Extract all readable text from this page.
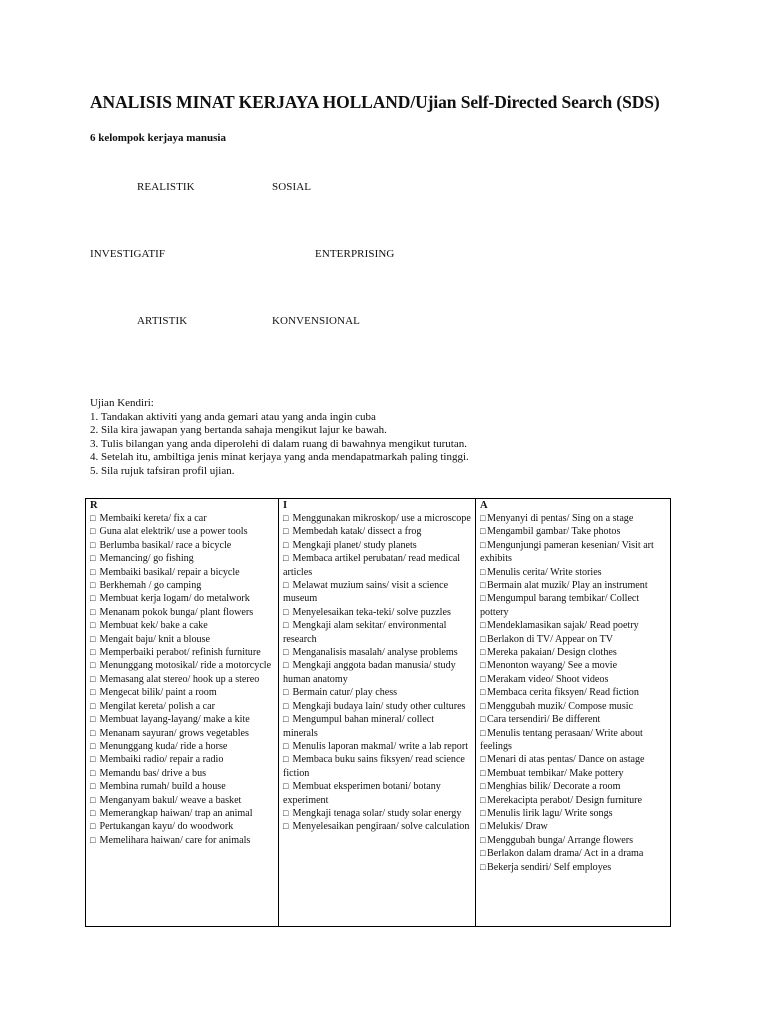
ANALISIS MINAT KERJAYA HOLLAND/Ujian Self-Directed Search (SDS)
6 kelompok kerjaya manusia
REALISTIK	SOSIAL
INVESTIGATIF	ENTERPRISING
ARTISTIK	KONVENSIONAL
Ujian Kendiri:
1. Tandakan aktiviti yang anda gemari atau yang anda ingin cuba
2. Sila kira jawapan yang bertanda sahaja mengikut lajur ke bawah.
3. Tulis bilangan yang anda diperolehi di dalam ruang di bawahnya mengikut turutan.
4. Setelah itu, ambiltiga jenis minat kerjaya yang anda mendapatmarkah paling tinggi.
5. Sila rujuk tafsiran profil ujian.
R
□ Membaiki kereta/ fix a car
□ Guna alat elektrik/ use a power tools
□ Berlumba basikal/ race a bicycle
□ Memancing/ go fishing
□ Membaiki basikal/ repair a bicycle
□ Berkhemah / go camping
□ Membuat kerja logam/ do metalwork
□ Menanam pokok bunga/ plant flowers
□ Membuat kek/ bake a cake
□ Mengait baju/ knit a blouse
□ Memperbaiki perabot/ refinish furniture
□ Menunggang motosikal/ ride a motorcycle
□ Memasang alat stereo/ hook up a stereo
□ Mengecat bilik/ paint a room
□ Mengilat kereta/ polish a car
□ Membuat layang-layang/ make a kite
□ Menanam sayuran/ grows vegetables
□ Menunggang kuda/ ride a horse
□ Membaiki radio/ repair a radio
□ Memandu bas/ drive a bus
□ Membina rumah/ build a house
□ Menganyam bakul/ weave a basket
□ Memerangkap haiwan/ trap an animal
□ Pertukangan kayu/ do woodwork
□ Memelihara haiwan/ care for animals

I
□ Menggunakan mikroskop/ use a microscope
□ Membedah katak/ dissect a frog
□ Mengkaji planet/ study planets
□ Membaca artikel perubatan/ read medical articles
□ Melawat muzium sains/ visit a science museum
□ Menyelesaikan teka-teki/ solve puzzles
□ Mengkaji alam sekitar/ environmental research
□ Menganalisis masalah/ analyse problems
□ Mengkaji anggota badan manusia/ study human anatomy
□ Bermain catur/ play chess
□ Mengkaji budaya lain/ study other cultures
□ Mengumpul bahan mineral/ collect minerals
□ Menulis laporan makmal/ write a lab report
□ Membaca buku sains fiksyen/ read science fiction
□ Membuat eksperimen botani/ botany experiment
□ Mengkaji tenaga solar/ study solar energy
□ Menyelesaikan pengiraan/ solve calculation

A
□ Menyanyi di pentas/ Sing on a stage
□ Mengambil gambar/ Take photos
□ Mengunjungi pameran kesenian/ Visit art exhibits
□ Menulis cerita/ Write stories
□ Bermain alat muzik/ Play an instrument
□ Mengumpul barang tembikar/ Collect pottery
□ Mendeklamasikan sajak/ Read poetry
□ Berlakon di TV/ Appear on TV
□ Mereka pakaian/ Design clothes
□ Menonton wayang/ See a movie
□ Merakam video/ Shoot videos
□ Membaca cerita fiksyen/ Read fiction
□ Menggubah muzik/ Compose music
□ Cara tersendiri/ Be different
□ Menulis tentang perasaan/ Write about feelings
□ Menari di atas pentas/ Dance on astage
□ Membuat tembikar/ Make pottery
□ Menghias bilik/ Decorate a room
□ Merekacipta perabot/ Design furniture
□ Menulis lirik lagu/ Write songs
□ Melukis/ Draw
□ Menggubah bunga/ Arrange flowers
□ Berlakon dalam drama/ Act in a drama
□ Bekerja sendiri/ Self employes
